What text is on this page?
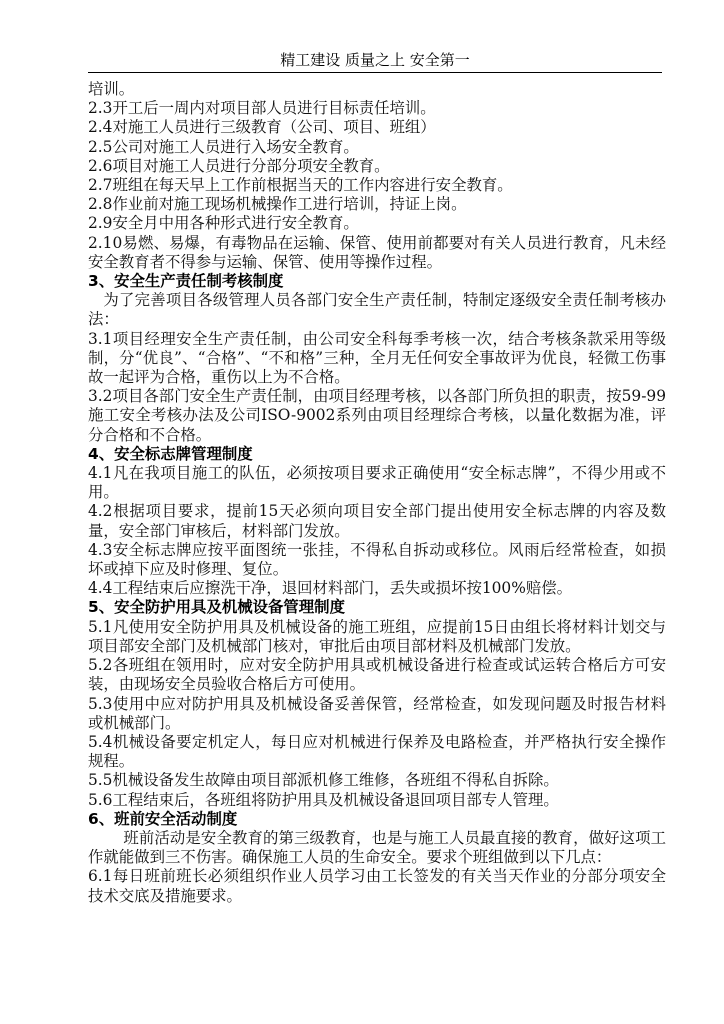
精工建设 质量之上 安全第一

培训。

2.3开工后一周内对项目部人员进行目标责任培训。

2.4对施工人员进行三级教育（公司、项目、班组）

2.5公司对施工人员进行入场安全教育。

2.6项目对施工人员进行分部分项安全教育。

2.7班组在每天早上工作前根据当天的工作内容进行安全教育。

2.8作业前对施工现场机械操作工进行培训，持证上岗。

2.9安全月中用各种形式进行安全教育。

2.10易燃、易爆，有毒物品在运输、保管、使用前都要对有关人员进行教育，凡未经安全教育者不得参与运输、保管、使用等操作过程。

3、安全生产责任制考核制度

为了完善项目各级管理人员各部门安全生产责任制，特制定逐级安全责任制考核办法：

3.1项目经理安全生产责任制，由公司安全科每季考核一次，结合考核条款采用等级制，分“优良”、“合格”、“不和格”三种，全月无任何安全事故评为优良，轻微工伤事故一起评为合格，重伤以上为不合格。

3.2项目各部门安全生产责任制，由项目经理考核，以各部门所负担的职责，按59-99施工安全考核办法及公司ISO-9002系列由项目经理综合考核，以量化数据为准，评分合格和不合格。

4、安全标志牌管理制度

4.1凡在我项目施工的队伍，必须按项目要求正确使用“安全标志牌”，不得少用或不用。

4.2根据项目要求，提前15天必须向项目安全部门提出使用安全标志牌的内容及数量，安全部门审核后，材料部门发放。

4.3安全标志牌应按平面图统一张挂，不得私自拆动或移位。风雨后经常检查，如损坏或掉下应及时修理、复位。

4.4工程结束后应擦洗干净，退回材料部门，丢失或损坏按100%赔偿。

5、安全防护用具及机械设备管理制度

5.1凡使用安全防护用具及机械设备的施工班组，应提前15日由组长将材料计划交与项目部安全部门及机械部门核对，审批后由项目部材料及机械部门发放。

5.2各班组在领用时，应对安全防护用具或机械设备进行检查或试运转合格后方可安装，由现场安全员验收合格后方可使用。

5.3使用中应对防护用具及机械设备妥善保管，经常检查，如发现问题及时报告材料或机械部门。

5.4机械设备要定机定人，每日应对机械进行保养及电路检查，并严格执行安全操作规程。

5.5机械设备发生故障由项目部派机修工维修，各班组不得私自拆除。

5.6工程结束后，各班组将防护用具及机械设备退回项目部专人管理。

6、班前安全活动制度

班前活动是安全教育的第三级教育，也是与施工人员最直接的教育，做好这项工作就能做到三不伤害。确保施工人员的生命安全。要求个班组做到以下几点：

6.1每日班前班长必须组织作业人员学习由工长签发的有关当天作业的分部分项安全技术交底及措施要求。
